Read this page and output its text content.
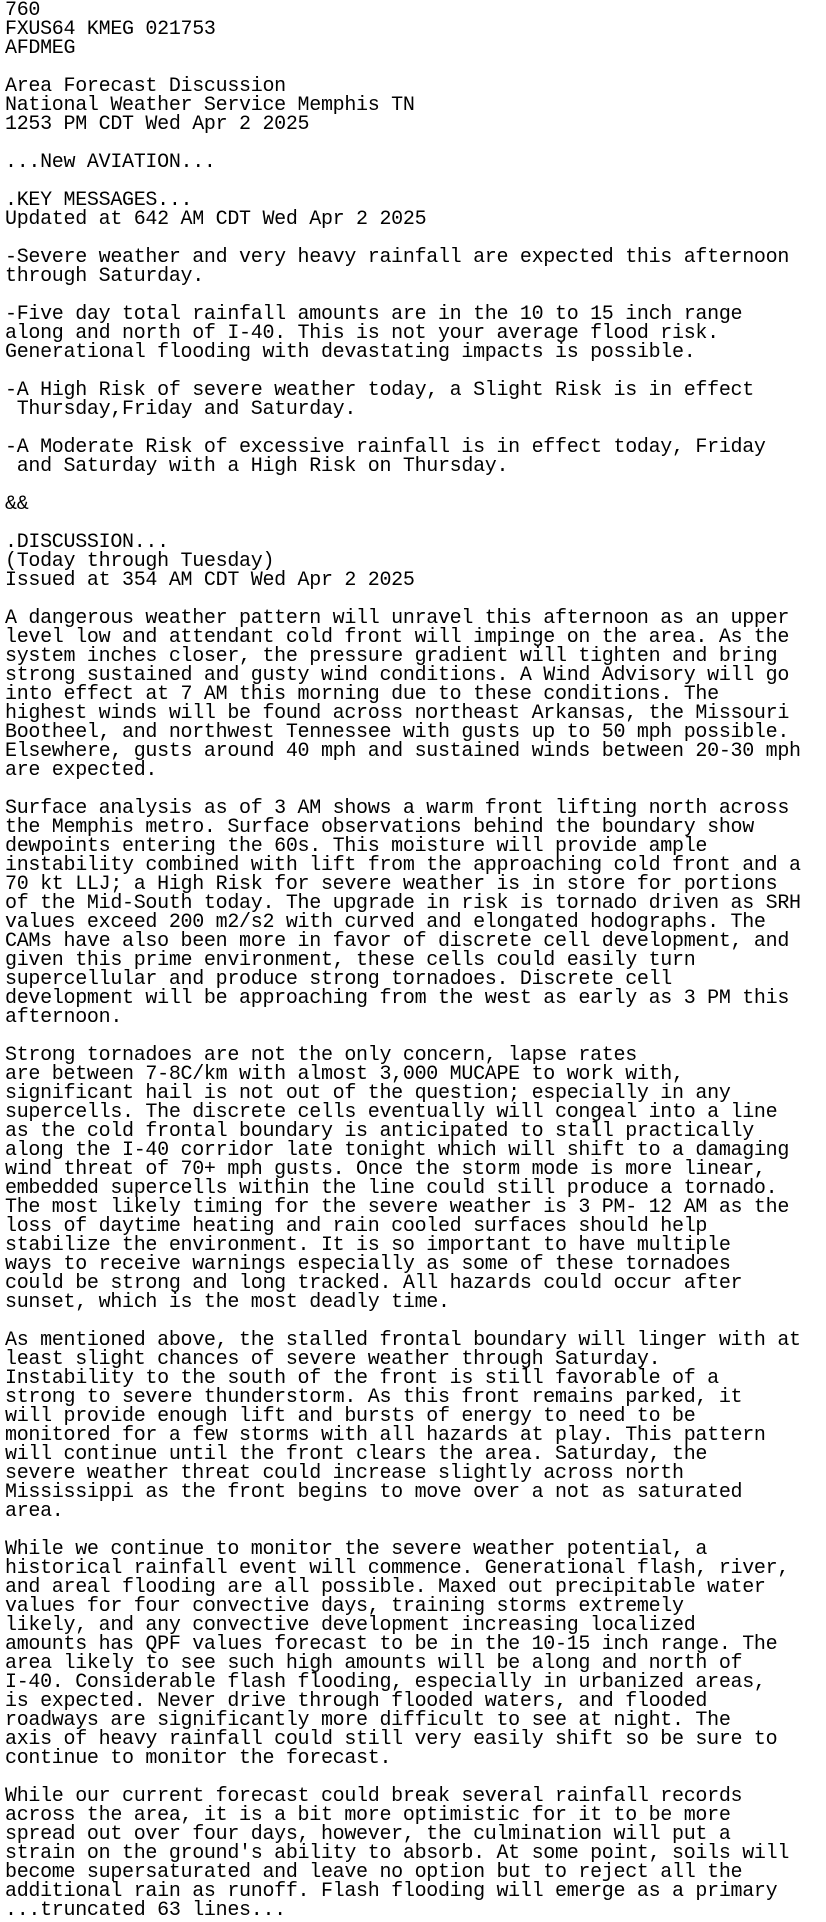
760
FXUS64 KMEG 021753
AFDMEG
Area Forecast Discussion
National Weather Service Memphis TN
1253 PM CDT Wed Apr 2 2025
...New AVIATION...
.KEY MESSAGES...
Updated at 642 AM CDT Wed Apr 2 2025
-Severe weather and very heavy rainfall are expected this afternoon
through Saturday.
-Five day total rainfall amounts are in the 10 to 15 inch range
along and north of I-40. This is not your average flood risk.
Generational flooding with devastating impacts is possible.
-A High Risk of severe weather today, a Slight Risk is in effect
Thursday,Friday and Saturday.
-A Moderate Risk of excessive rainfall is in effect today, Friday
and Saturday with a High Risk on Thursday.
&&
.DISCUSSION...
(Today through Tuesday)
Issued at 354 AM CDT Wed Apr 2 2025
A dangerous weather pattern will unravel this afternoon as an upper
level low and attendant cold front will impinge on the area. As the
system inches closer, the pressure gradient will tighten and bring
strong sustained and gusty wind conditions. A Wind Advisory will go
into effect at 7 AM this morning due to these conditions. The
highest winds will be found across northeast Arkansas, the Missouri
Bootheel, and northwest Tennessee with gusts up to 50 mph possible.
Elsewhere, gusts around 40 mph and sustained winds between 20-30 mph
are expected.
Surface analysis as of 3 AM shows a warm front lifting north across
the Memphis metro. Surface observations behind the boundary show
dewpoints entering the 60s. This moisture will provide ample
instability combined with lift from the approaching cold front and a
70 kt LLJ; a High Risk for severe weather is in store for portions
of the Mid-South today. The upgrade in risk is tornado driven as SRH
values exceed 200 m2/s2 with curved and elongated hodographs. The
CAMs have also been more in favor of discrete cell development, and
given this prime environment, these cells could easily turn
supercellular and produce strong tornadoes. Discrete cell
development will be approaching from the west as early as 3 PM this
afternoon.
Strong tornadoes are not the only concern, lapse rates
are between 7-8C/km with almost 3,000 MUCAPE to work with,
significant hail is not out of the question; especially in any
supercells. The discrete cells eventually will congeal into a line
as the cold frontal boundary is anticipated to stall practically
along the I-40 corridor late tonight which will shift to a damaging
wind threat of 70+ mph gusts. Once the storm mode is more linear,
embedded supercells within the line could still produce a tornado.
The most likely timing for the severe weather is 3 PM- 12 AM as the
loss of daytime heating and rain cooled surfaces should help
stabilize the environment. It is so important to have multiple
ways to receive warnings especially as some of these tornadoes
could be strong and long tracked. All hazards could occur after
sunset, which is the most deadly time.
As mentioned above, the stalled frontal boundary will linger with at
least slight chances of severe weather through Saturday.
Instability to the south of the front is still favorable of a
strong to severe thunderstorm. As this front remains parked, it
will provide enough lift and bursts of energy to need to be
monitored for a few storms with all hazards at play. This pattern
will continue until the front clears the area. Saturday, the
severe weather threat could increase slightly across north
Mississippi as the front begins to move over a not as saturated
area.
While we continue to monitor the severe weather potential, a
historical rainfall event will commence. Generational flash, river,
and areal flooding are all possible. Maxed out precipitable water
values for four convective days, training storms extremely
likely, and any convective development increasing localized
amounts has QPF values forecast to be in the 10-15 inch range. The
area likely to see such high amounts will be along and north of
I-40. Considerable flash flooding, especially in urbanized areas,
is expected. Never drive through flooded waters, and flooded
roadways are significantly more difficult to see at night. The
axis of heavy rainfall could still very easily shift so be sure to
continue to monitor the forecast.
While our current forecast could break several rainfall records
across the area, it is a bit more optimistic for it to be more
spread out over four days, however, the culmination will put a
strain on the ground's ability to absorb. At some point, soils will
become supersaturated and leave no option but to reject all the
additional rain as runoff. Flash flooding will emerge as a primary
...truncated 63 lines...
